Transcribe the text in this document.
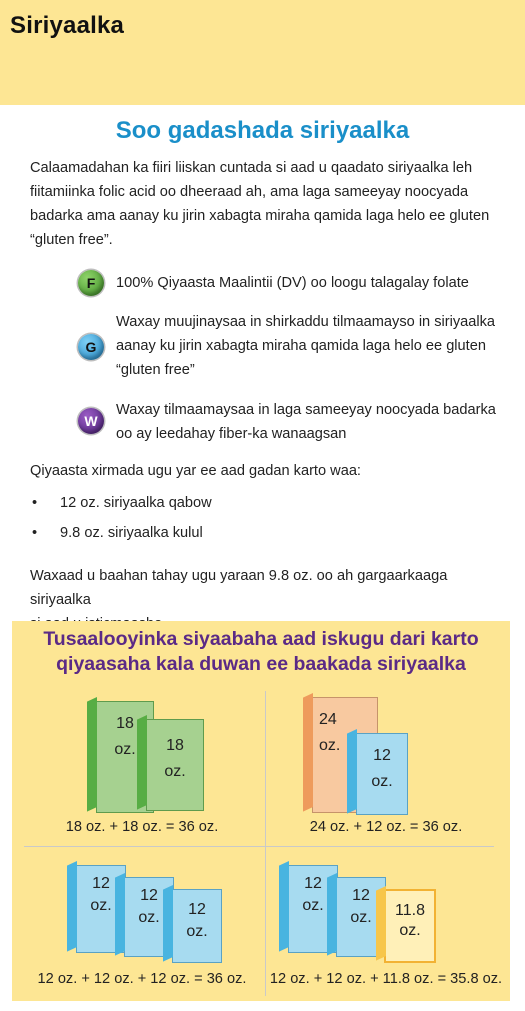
Siriyaalka
Soo gadashada siriyaalka
Calaamadahan ka fiiri liiskan cuntada si aad u qaadato siriyaalka leh
fiitamiinka folic acid oo dheeraad ah, ama laga sameeyay noocyada
badarka ama aanay ku jirin xabagta miraha qamida laga helo ee gluten
“gluten free”.
F	100% Qiyaasta Maalintii (DV) oo loogu talagalay folate
G
Waxay muujinaysaa in shirkaddu tilmaamayso in siriyaalka
aanay ku jirin xabagta miraha qamida laga helo ee gluten
“gluten free”
W
Waxay tilmaamaysaa in laga sameeyay noocyada badarka
oo ay leedahay fiber-ka wanaagsan
Qiyaasta xirmada ugu yar ee aad gadan karto waa:
• 12 oz. siriyaalka qabow
• 9.8 oz. siriyaalka kulul
Waxaad u baahan tahay ugu yaraan 9.8 oz. oo ah gargaarkaaga siriyaalka
Tusaalooyinka siyaabaha aad iskugu dari karto
qiyaasaha kala duwan ee baakada siriyaalka
18
oz.	18
oz.
18 oz. + 18 oz. = 36 oz.
24
oz.
12
oz.
24 oz. + 12 oz. = 36 oz.
12
oz.
12
oz.	12
oz.
12 oz. + 12 oz. + 12 oz. = 36 oz.
12
oz.
12
oz.	11.8
oz.
12 oz. + 12 oz. + 11.8 oz. = 35.8 oz.
